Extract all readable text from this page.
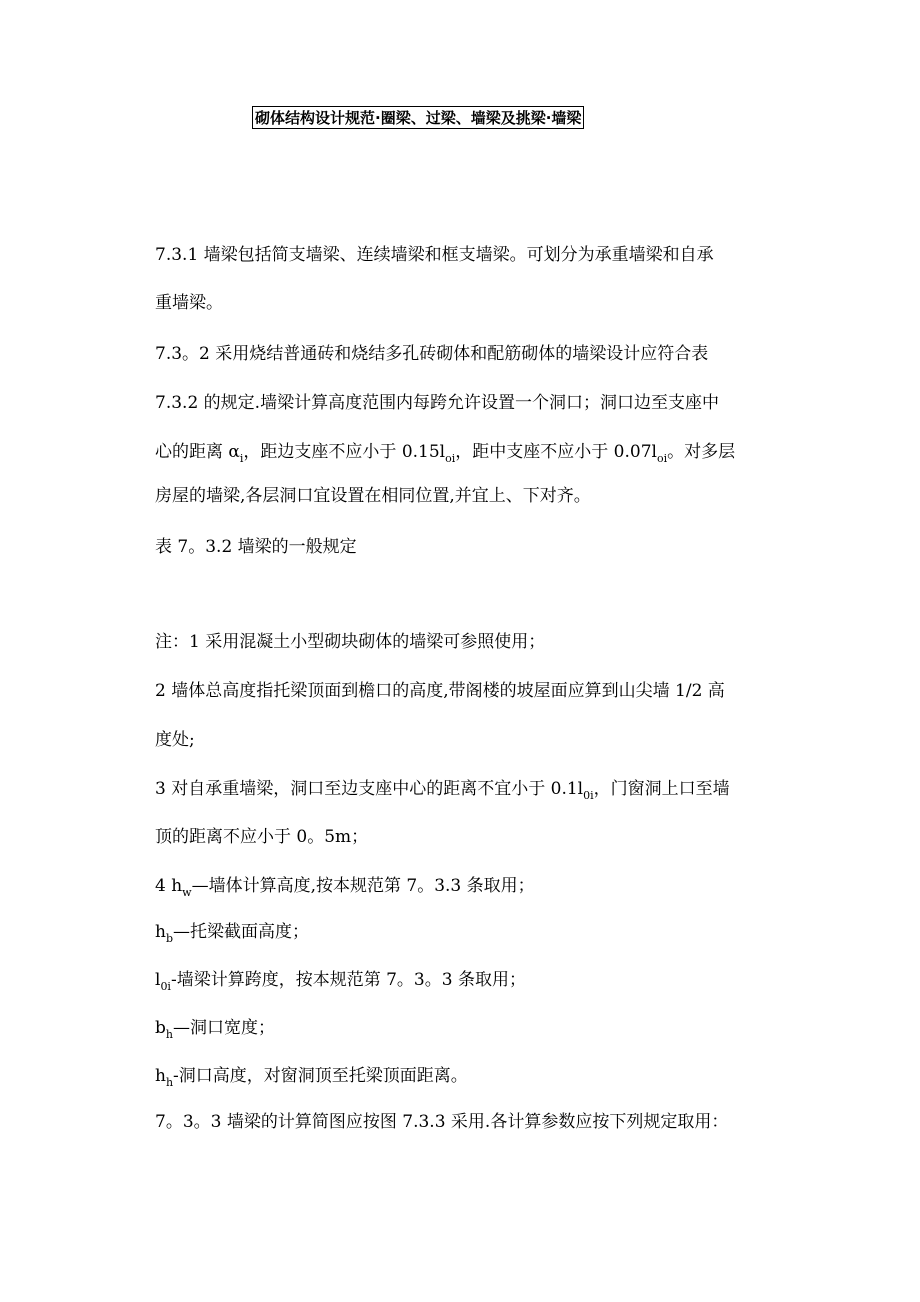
砌体结构设计规范·圈梁、过梁、墙梁及挑梁·墙梁
7.3.1 墙梁包括简支墙梁、连续墙梁和框支墙梁。可划分为承重墙梁和自承
重墙梁。
7.3。2 采用烧结普通砖和烧结多孔砖砌体和配筋砌体的墙梁设计应符合表
7.3.2 的规定.墙梁计算高度范围内每跨允许设置一个洞口；洞口边至支座中
心的距离 $\alpha_i$，距边支座不应小于 $0.15l_{oi}$，距中支座不应小于 $0.07l_{oi}$。对多层
房屋的墙梁,各层洞口宜设置在相同位置,并宜上、下对齐。
表 7。3.2 墙梁的一般规定
注：1 采用混凝土小型砌块砌体的墙梁可参照使用；
2 墙体总高度指托梁顶面到檐口的高度,带阁楼的坡屋面应算到山尖墙 1/2 高
度处;
3 对自承重墙梁，洞口至边支座中心的距离不宜小于 $0.1l_{0i}$，门窗洞上口至墙
顶的距离不应小于 0。5m；
4 $h_w—$墙体计算高度,按本规范第 7。3.3 条取用；
$h_b—$托梁截面高度；
$l_{0i}-$墙梁计算跨度，按本规范第 7。3。3 条取用；
$b_h—$洞口宽度；
$h_h-$洞口高度，对窗洞顶至托梁顶面距离。
7。3。3 墙梁的计算简图应按图 7.3.3 采用.各计算参数应按下列规定取用：
